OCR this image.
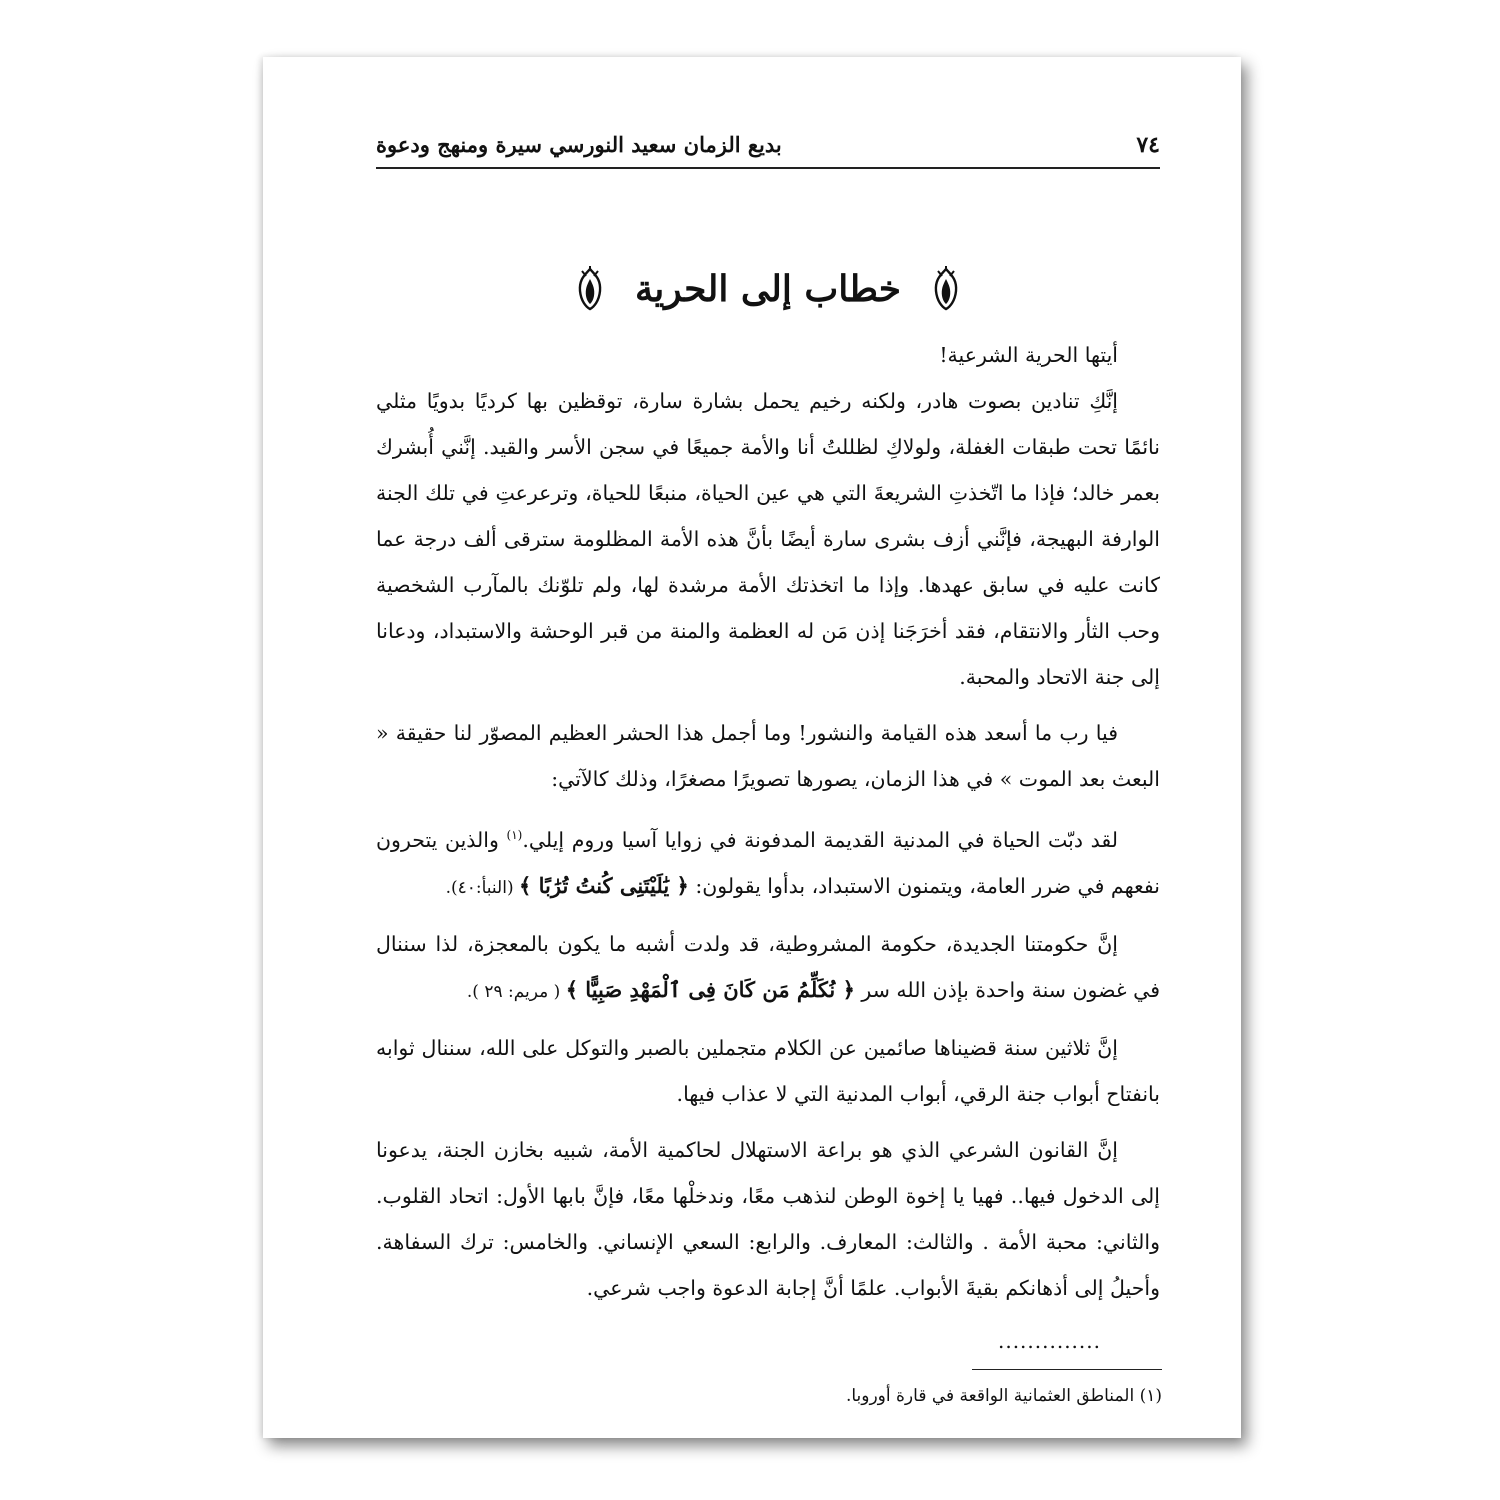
٧٤
بديع الزمان سعيد النورسي سيرة ومنهج ودعوة
خطاب إلى الحرية

أيتها الحرية الشرعية!

إنَّكِ تنادين بصوت هادر، ولكنه رخيم يحمل بشارة سارة، توقظين بها كرديًا بدويًا مثلي نائمًا تحت طبقات الغفلة، ولولاكِ لظللتُ أنا والأمة جميعًا في سجن الأسر والقيد. إنَّني أُبشرك بعمر خالد؛ فإذا ما اتّخذتِ الشريعةَ التي هي عين الحياة، منبعًا للحياة، وترعرعتِ في تلك الجنة الوارفة البهيجة، فإنَّني أزف بشرى سارة أيضًا بأنَّ هذه الأمة المظلومة سترقى ألف درجة عما كانت عليه في سابق عهدها. وإذا ما اتخذتك الأمة مرشدة لها، ولم تلوّنك بالمآرب الشخصية وحب الثأر والانتقام، فقد أخرَجَنا إذن مَن له العظمة والمنة من قبر الوحشة والاستبداد، ودعانا إلى جنة الاتحاد والمحبة.

فيا رب ما أسعد هذه القيامة والنشور! وما أجمل هذا الحشر العظيم المصوّر لنا حقيقة « البعث بعد الموت » في هذا الزمان، يصورها تصويرًا مصغرًا، وذلك كالآتي:

لقد دبّت الحياة في المدنية القديمة المدفونة في زوايا آسيا وروم إيلي.$^{(١)}$ والذين يتحرون نفعهم في ضرر العامة، ويتمنون الاستبداد، بدأوا يقولون: ﴿ يَٰلَيْتَنِى كُنتُ تُرَٰبًا ﴾ (النبأ:٤٠).

إنَّ حكومتنا الجديدة، حكومة المشروطية، قد ولدت أشبه ما يكون بالمعجزة، لذا سننال في غضون سنة واحدة بإذن الله سر ﴿ نُكَلِّمُ مَن كَانَ فِى ٱلْمَهْدِ صَبِيًّا ﴾ ( مريم: ٢٩ ).

إنَّ ثلاثين سنة قضيناها صائمين عن الكلام متجملين بالصبر والتوكل على الله، سننال ثوابه بانفتاح أبواب جنة الرقي، أبواب المدنية التي لا عذاب فيها.

إنَّ القانون الشرعي الذي هو براعة الاستهلال لحاكمية الأمة، شبيه بخازن الجنة، يدعونا إلى الدخول فيها.. فهيا يا إخوة الوطن لنذهب معًا، وندخلْها معًا، فإنَّ بابها الأول: اتحاد القلوب. والثاني: محبة الأمة . والثالث: المعارف. والرابع: السعي الإنساني. والخامس: ترك السفاهة. وأحيلُ إلى أذهانكم بقيةَ الأبواب. علمًا أنَّ إجابة الدعوة واجب شرعي.

..............
(١) المناطق العثمانية الواقعة في قارة أوروبا.
